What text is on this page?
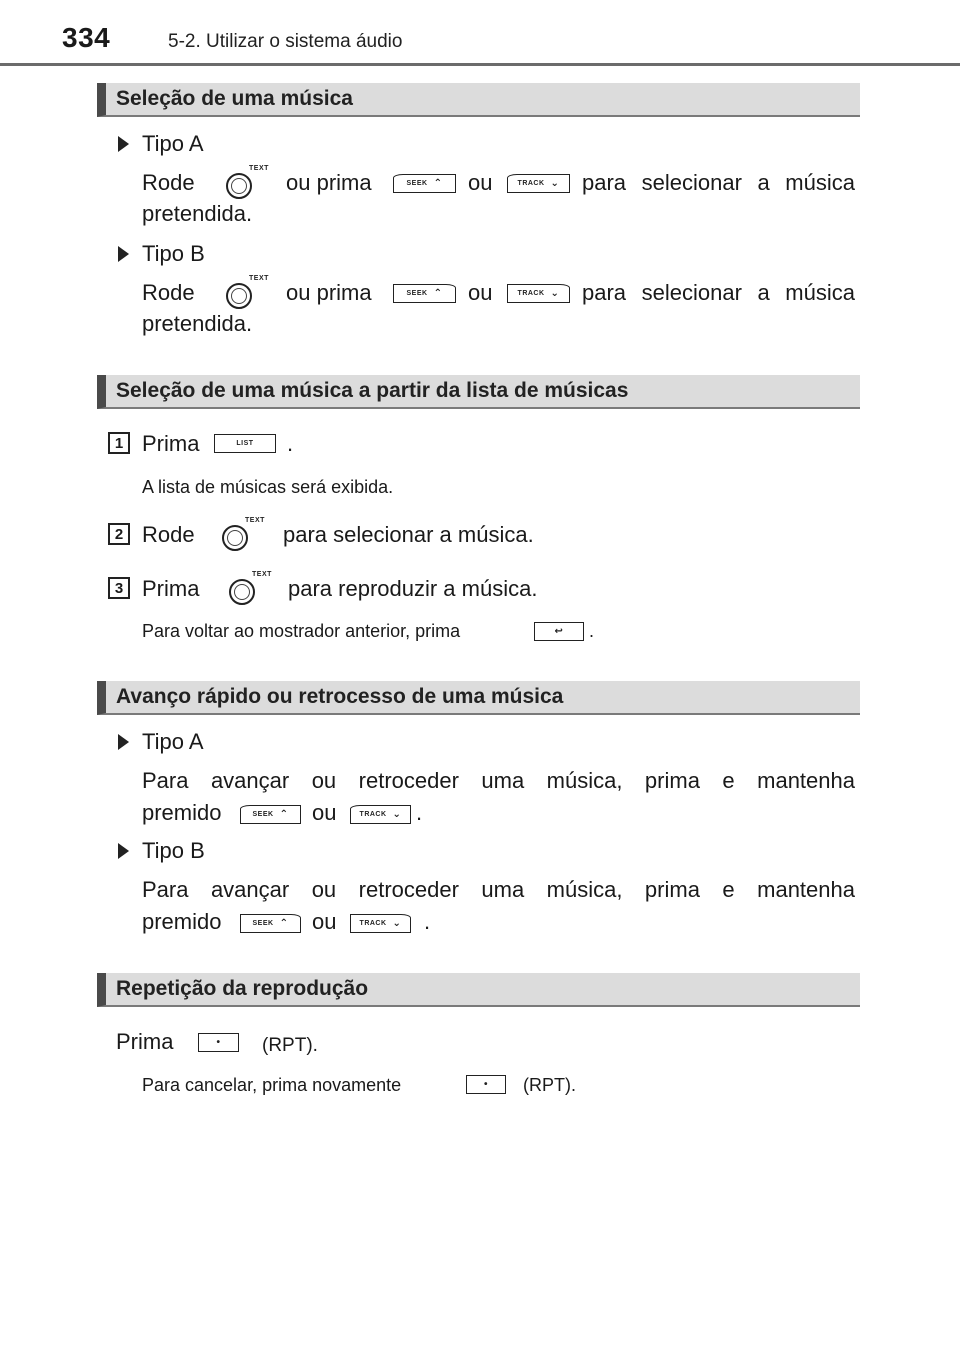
334	5-2. Utilizar o sistema áudio
Seleção de uma música
Tipo A
Rode
TEXT
ou prima	SEEK ⌃ ou	TRACK ⌄ para selecionar a música
pretendida.
Tipo B
Rode
TEXT
ou prima	SEEK ⌃ ou	TRACK ⌄ para selecionar a música
pretendida.
Seleção de uma música a partir da lista de músicas
1 Prima	LIST .
A lista de músicas será exibida.
2 Rode
TEXT
para selecionar a música.
3 Prima
TEXT
para reproduzir a música.
Para voltar ao mostrador anterior, prima	↩ .
Avanço rápido ou retrocesso de uma música
Tipo A
Para avançar ou retroceder uma música, prima e mantenha
premido	SEEK ⌃ ou	TRACK ⌄ .
Tipo B
Para avançar ou retroceder uma música, prima e mantenha
premido	SEEK ⌃ ou	TRACK ⌄ .
Repetição da reprodução
Prima	• (RPT).
Para cancelar, prima novamente	• (RPT).
